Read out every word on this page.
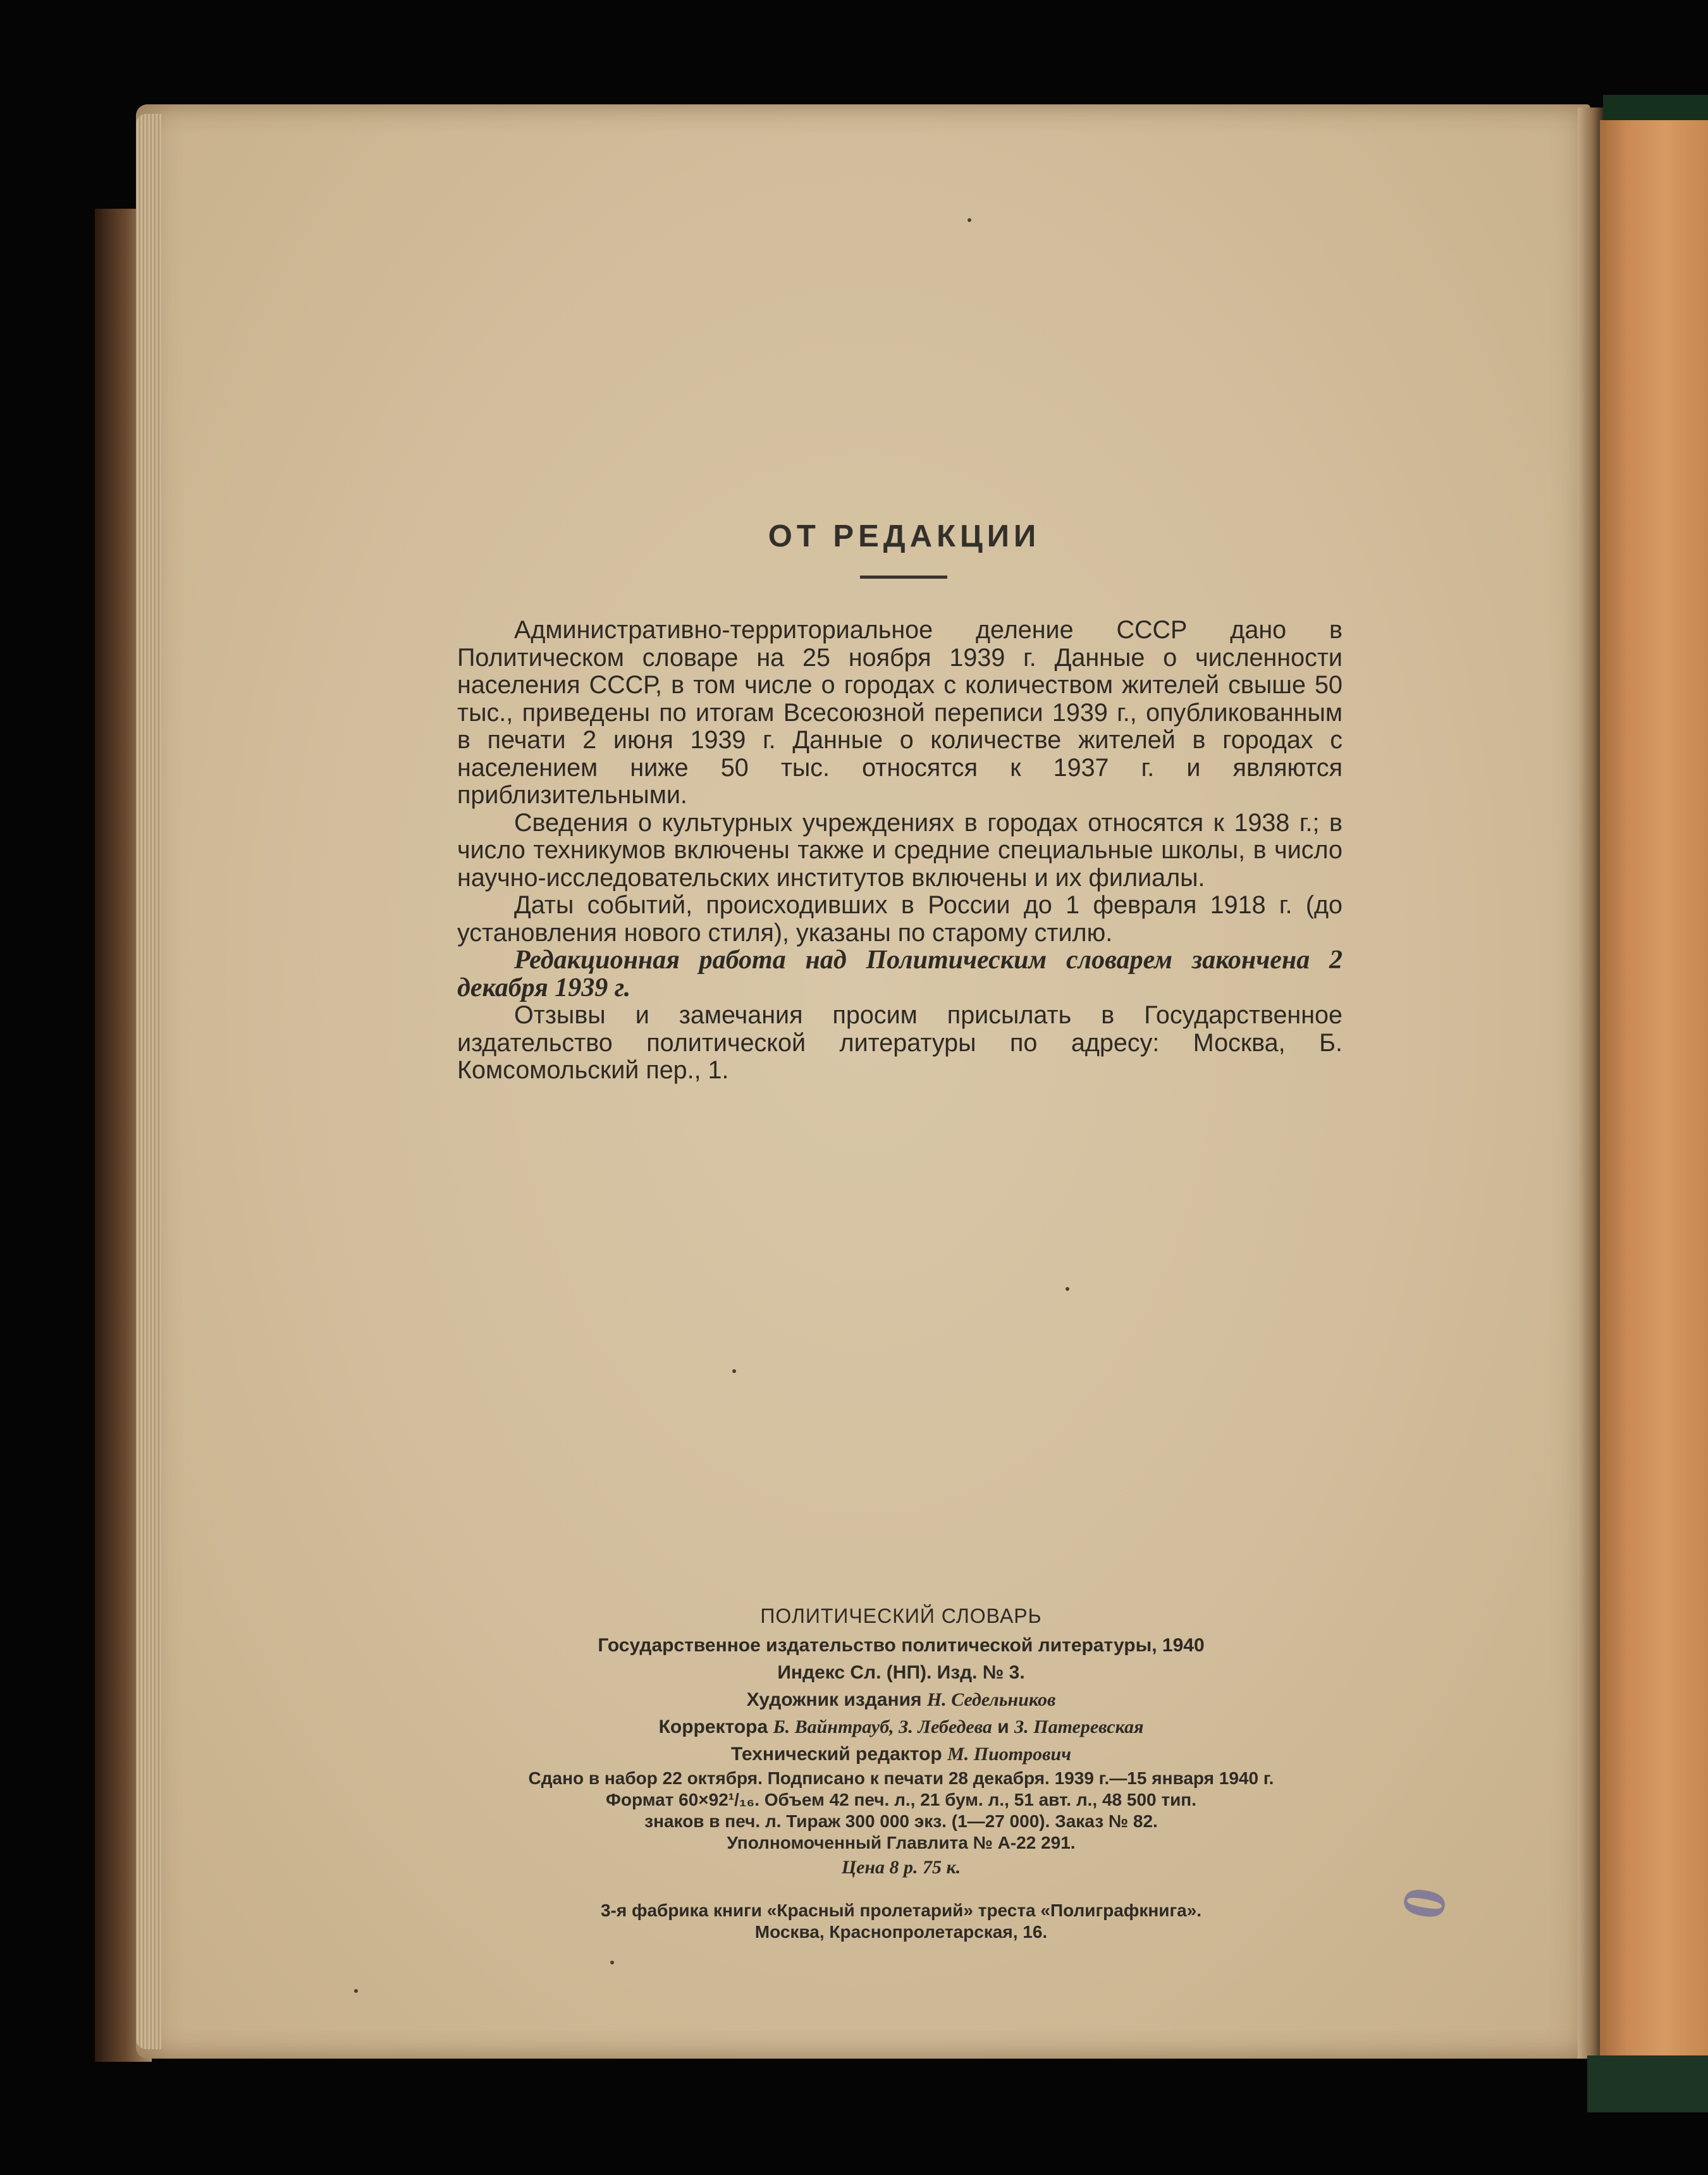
ОТ РЕДАКЦИИ

Административно-территориальное деление СССР дано в Политическом словаре на 25 ноября 1939 г. Данные о численности населения СССР, в том числе о городах с количеством жителей свыше 50 тыс., приведены по итогам Всесоюзной переписи 1939 г., опубликованным в печати 2 июня 1939 г. Данные о количестве жителей в городах с населением ниже 50 тыс. относятся к 1937 г. и являются приблизительными.

Сведения о культурных учреждениях в городах относятся к 1938 г.; в число техникумов включены также и средние специальные школы, в число научно-исследовательских институтов включены и их филиалы.

Даты событий, происходивших в России до 1 февраля 1918 г. (до установления нового стиля), указаны по старому стилю.

Редакционная работа над Политическим словарем закончена 2 декабря 1939 г.

Отзывы и замечания просим присылать в Государственное издательство политической литературы по адресу: Москва, Б. Комсомольский пер., 1.

ПОЛИТИЧЕСКИЙ СЛОВАРЬ
Государственное издательство политической литературы, 1940
Индекс Сл. (НП). Изд. № 3.
Художник издания Н. Седельников
Корректора Б. Вайнтрауб, З. Лебедева и З. Патеревская
Технический редактор М. Пиотрович
Сдано в набор 22 октября. Подписано к печати 28 декабря. 1939 г.—15 января 1940 г.
Формат 60×92¹/₁₆. Объем 42 печ. л., 21 бум. л., 51 авт. л., 48 500 тип.
знаков в печ. л. Тираж 300 000 экз. (1—27 000). Заказ № 82.
Уполномоченный Главлита № А-22 291.
Цена 8 р. 75 к.
3-я фабрика книги «Красный пролетарий» треста «Полиграфкнига».
Москва, Краснопролетарская, 16.
0
